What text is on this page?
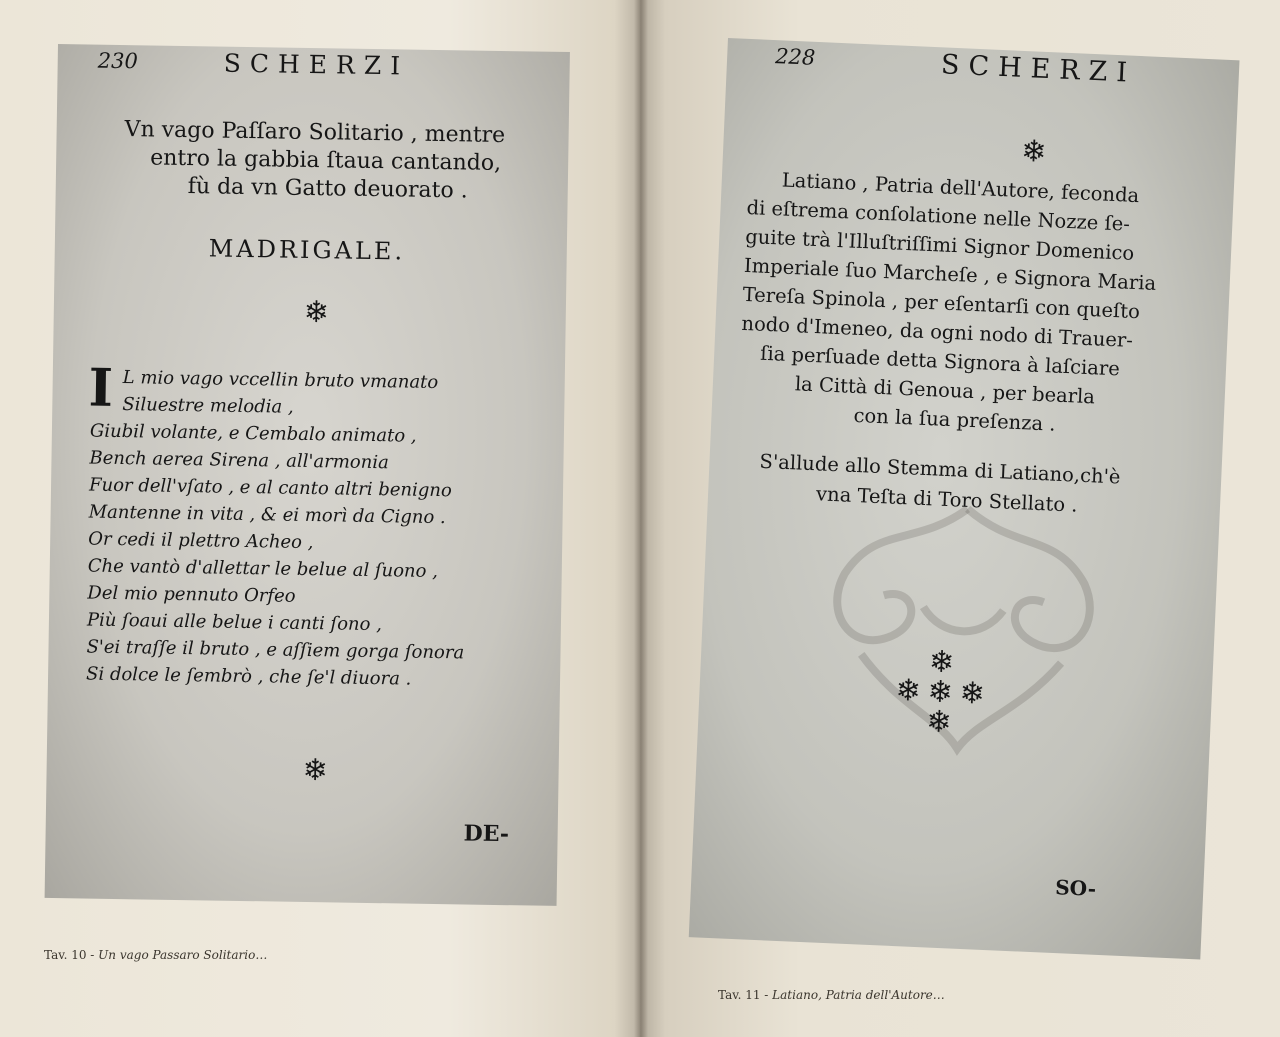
230	SCHERZI
Vn vago Paſſaro Solitario , mentre
entro la gabbia ſtaua cantando,
fù da vn Gatto deuorato .
MADRIGALE.
❄
I L mio vago vccellin bruto vmanato
Siluestre melodia ,
Giubil volante, e Cembalo animato ,
Bench aerea Sirena , all'armonia
Fuor dell'vſato , e al canto altri benigno
Mantenne in vita , & ei morì da Cigno .
Or cedi il plettro Acheo ,
Che vantò d'allettar le belue al ſuono ,
Del mio pennuto Orfeo
Più ſoaui alle belue i canti ſono ,
S'ei traſſe il bruto , e aſſiem gorga ſonora
Si dolce le ſembrò , che ſe'l diuora .
❄
DE-
Tav. 10 - Un vago Passaro Solitario…
228	SCHERZI
❄
Latiano , Patria dell'Autore, feconda
di eſtrema conſolatione nelle Nozze ſe-
guite trà l'Illuſtriſſimi Signor Domenico
Imperiale ſuo Marcheſe , e Signora Maria
Tereſa Spinola , per eſentarſi con queſto
nodo d'Imeneo, da ogni nodo di Trauer-
ſia perſuade detta Signora à laſciare
la Città di Genoua , per bearla
con la ſua preſenza .
S'allude allo Stemma di Latiano,ch'è
vna Teſta di Toro Stellato .
❄
❄ ❄ ❄
❄
SO-
Tav. 11 - Latiano, Patria dell'Autore…
